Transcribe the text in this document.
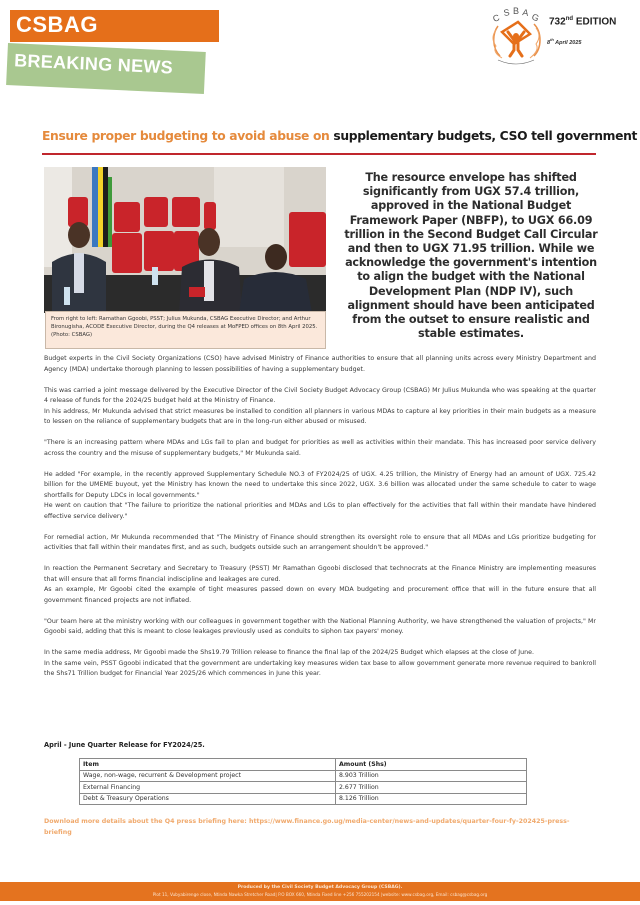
CSBAG
BREAKING NEWS
C S B A G 732nd EDITION
8th April 2025
Ensure proper budgeting to avoid abuse on supplementary budgets, CSO tell government
From right to left: Ramathan Ggoobi, PSST; Julius Mukunda, CSBAG Executive Director; and Arthur Bironugisha, ACODE Executive Director, during the Q4 releases at MoFPED offices on 8th April 2025. (Photo: CSBAG)
The resource envelope has shifted significantly from UGX 57.4 trillion, approved in the National Budget Framework Paper (NBFP), to UGX 66.09 trillion in the Second Budget Call Circular and then to UGX 71.95 trillion. While we acknowledge the government's intention to align the budget with the National Development Plan (NDP IV), such alignment should have been anticipated from the outset to ensure realistic and stable estimates.

Budget experts in the Civil Society Organizations (CSO) have advised Ministry of Finance authorities to ensure that all planning units across every Ministry Department and Agency (MDA) undertake thorough planning to lessen possibilities of having a supplementary budget.

This was carried a joint message delivered by the Executive Director of the Civil Society Budget Advocacy Group (CSBAG) Mr Julius Mukunda who was speaking at the quarter 4 release of funds for the 2024/25 budget held at the Ministry of Finance.

In his address, Mr Mukunda advised that strict measures be installed to condition all planners in various MDAs to capture al key priorities in their main budgets as a measure to lessen on the reliance of supplementary budgets that are in the long-run either abused or misused.

"There is an increasing pattern where MDAs and LGs fail to plan and budget for priorities as well as activities within their mandate. This has increased poor service delivery across the country and the misuse of supplementary budgets," Mr Mukunda said.

He added "For example, in the recently approved Supplementary Schedule NO.3 of FY2024/25 of UGX. 4.25 trillion, the Ministry of Energy had an amount of UGX. 725.42 billion for the UMEME buyout, yet the Ministry has known the need to undertake this since 2022, UGX. 3.6 billion was allocated under the same schedule to cater to wage shortfalls for Deputy LDCs in local governments."

He went on caution that "The failure to prioritize the national priorities and MDAs and LGs to plan effectively for the activities that fall within their mandate have hindered effective service delivery."

For remedial action, Mr Mukunda recommended that "The Ministry of Finance should strengthen its oversight role to ensure that all MDAs and LGs prioritize budgeting for activities that fall within their mandates first, and as such, budgets outside such an arrangement shouldn't be approved."

In reaction the Permanent Secretary and Secretary to Treasury (PSST) Mr Ramathan Ggoobi disclosed that technocrats at the Finance Ministry are implementing measures that will ensure that all forms financial indiscipline and leakages are cured.

As an example, Mr Ggoobi cited the example of tight measures passed down on every MDA budgeting and procurement office that will in the future ensure that all government financed projects are not inflated.

"Our team here at the ministry working with our colleagues in government together with the National Planning Authority, we have strengthened the valuation of projects," Mr Ggoobi said, adding that this is meant to close leakages previously used as conduits to siphon tax payers' money.

In the same media address, Mr Ggoobi made the Shs19.79 Trillion release to finance the final lap of the 2024/25 Budget which elapses at the close of June.

In the same vein, PSST Ggoobi indicated that the government are undertaking key measures widen tax base to allow government generate more revenue required to bankroll the Shs71 Trillion budget for Financial Year 2025/26 which commences in June this year.

April - June Quarter Release for FY2024/25.
Item	Amount (Shs)
Wage, non-wage, recurrent & Development project	8.903 Trillion
External Financing	2.677 Trillion
Debt & Treasury Operations	8.126 Trillion
Download more details about the Q4 press briefing here: https://www.finance.go.ug/media-center/news-and-updates/quarter-four-fy-202425-press-briefing
Produced by the Civil Society Budget Advocacy Group (CSBAG).
Plot 11, Vubyabirenge close, Ntinda Nawka Stretcher Road| P.O BOX 660, Ntinda Fixed line +256 755202154 |website: www.csbag.org, Email: csbag@csbag.org
